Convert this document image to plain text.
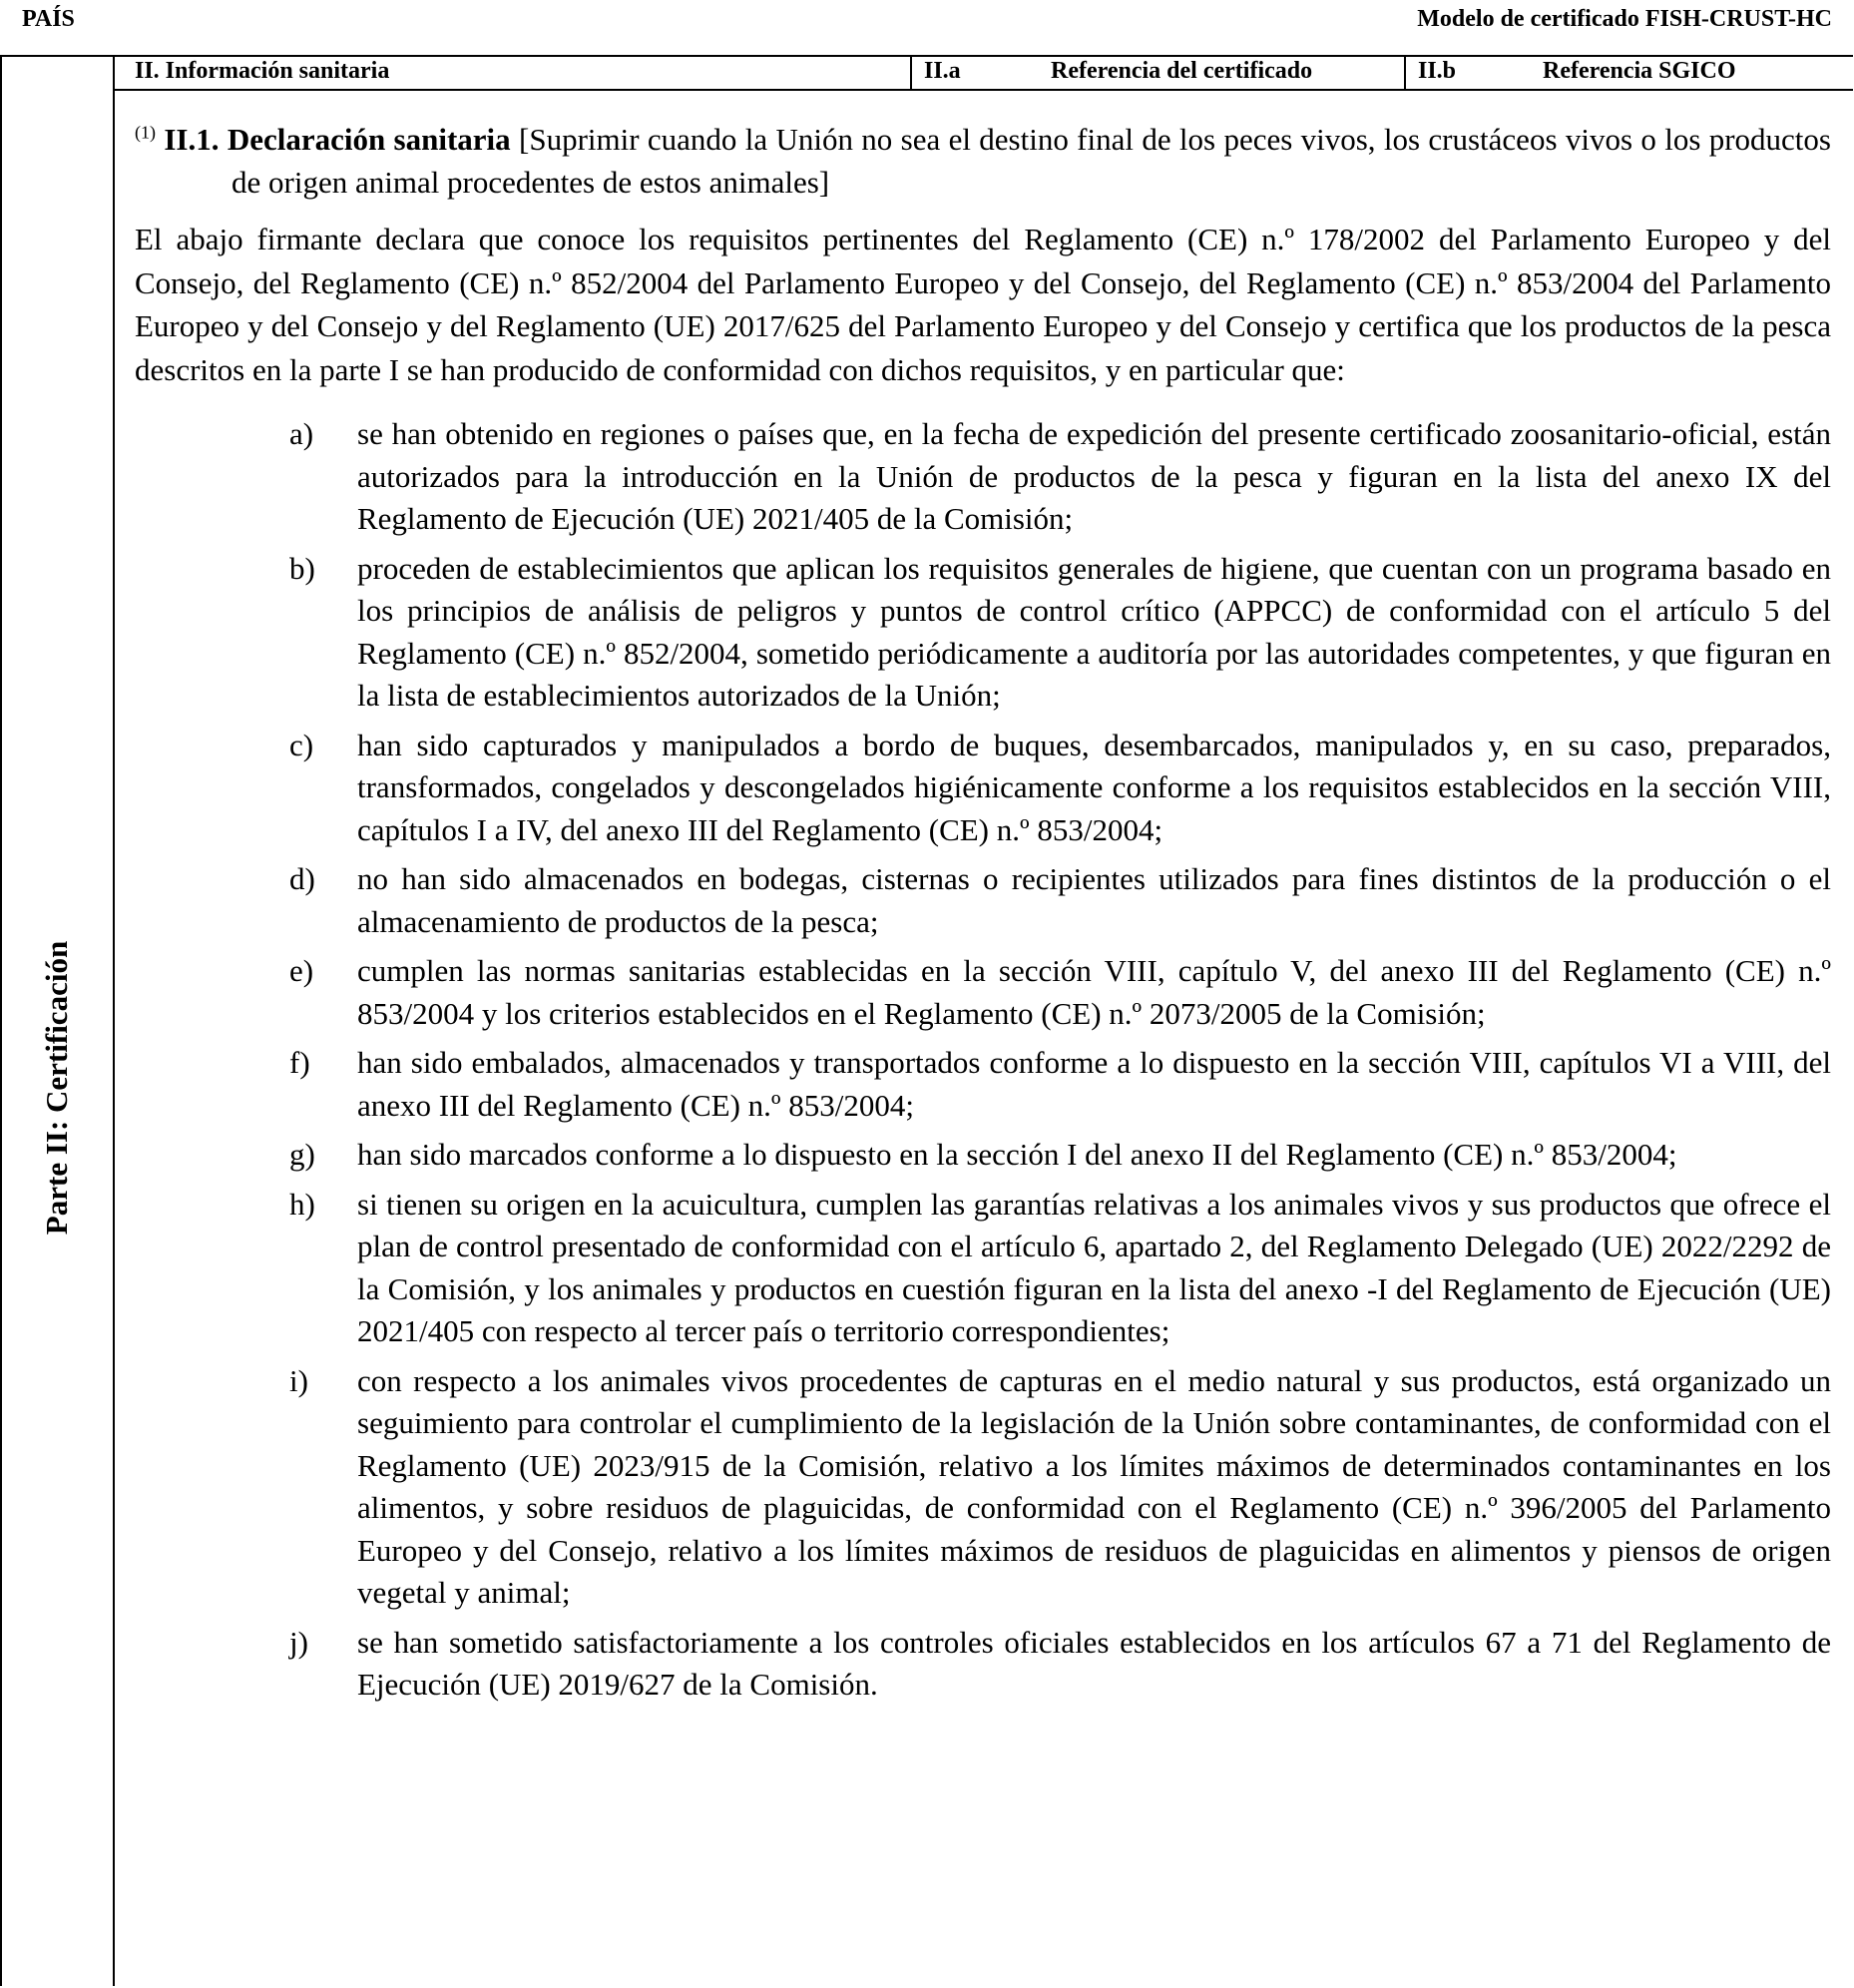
PAÍS	Modelo de certificado FISH-CRUST-HC
Parte II: Certificación
II. Información sanitaria	II.a	Referencia del certificado	II.b	Referencia SGICO
$^{(1)}$ II.1. Declaración sanitaria [Suprimir cuando la Unión no sea el destino final de los peces vivos, los crustáceos vivos o los productos de origen animal procedentes de estos animales]
El abajo firmante declara que conoce los requisitos pertinentes del Reglamento (CE) n.º 178/2002 del Parlamento Europeo y del Consejo, del Reglamento (CE) n.º 852/2004 del Parlamento Europeo y del Consejo, del Reglamento (CE) n.º 853/2004 del Parlamento Europeo y del Consejo y del Reglamento (UE) 2017/625 del Parlamento Europeo y del Consejo y certifica que los productos de la pesca descritos en la parte I se han producido de conformidad con dichos requisitos, y en particular que:
a) se han obtenido en regiones o países que, en la fecha de expedición del presente certificado zoosanitario-oficial, están autorizados para la introducción en la Unión de productos de la pesca y figuran en la lista del anexo IX del Reglamento de Ejecución (UE) 2021/405 de la Comisión;
b) proceden de establecimientos que aplican los requisitos generales de higiene, que cuentan con un programa basado en los principios de análisis de peligros y puntos de control crítico (APPCC) de conformidad con el artículo 5 del Reglamento (CE) n.º 852/2004, sometido periódicamente a auditoría por las autoridades competentes, y que figuran en la lista de establecimientos autorizados de la Unión;
c) han sido capturados y manipulados a bordo de buques, desembarcados, manipulados y, en su caso, preparados, transformados, congelados y descongelados higiénicamente conforme a los requisitos establecidos en la sección VIII, capítulos I a IV, del anexo III del Reglamento (CE) n.º 853/2004;
d) no han sido almacenados en bodegas, cisternas o recipientes utilizados para fines distintos de la producción o el almacenamiento de productos de la pesca;
e) cumplen las normas sanitarias establecidas en la sección VIII, capítulo V, del anexo III del Reglamento (CE) n.º 853/2004 y los criterios establecidos en el Reglamento (CE) n.º 2073/2005 de la Comisión;
f) han sido embalados, almacenados y transportados conforme a lo dispuesto en la sección VIII, capítulos VI a VIII, del anexo III del Reglamento (CE) n.º 853/2004;
g) han sido marcados conforme a lo dispuesto en la sección I del anexo II del Reglamento (CE) n.º 853/2004;
h) si tienen su origen en la acuicultura, cumplen las garantías relativas a los animales vivos y sus productos que ofrece el plan de control presentado de conformidad con el artículo 6, apartado 2, del Reglamento Delegado (UE) 2022/2292 de la Comisión, y los animales y productos en cuestión figuran en la lista del anexo -I del Reglamento de Ejecución (UE) 2021/405 con respecto al tercer país o territorio correspondientes;
i) con respecto a los animales vivos procedentes de capturas en el medio natural y sus productos, está organizado un seguimiento para controlar el cumplimiento de la legislación de la Unión sobre contaminantes, de conformidad con el Reglamento (UE) 2023/915 de la Comisión, relativo a los límites máximos de determinados contaminantes en los alimentos, y sobre residuos de plaguicidas, de conformidad con el Reglamento (CE) n.º 396/2005 del Parlamento Europeo y del Consejo, relativo a los límites máximos de residuos de plaguicidas en alimentos y piensos de origen vegetal y animal;
j) se han sometido satisfactoriamente a los controles oficiales establecidos en los artículos 67 a 71 del Reglamento de Ejecución (UE) 2019/627 de la Comisión.
